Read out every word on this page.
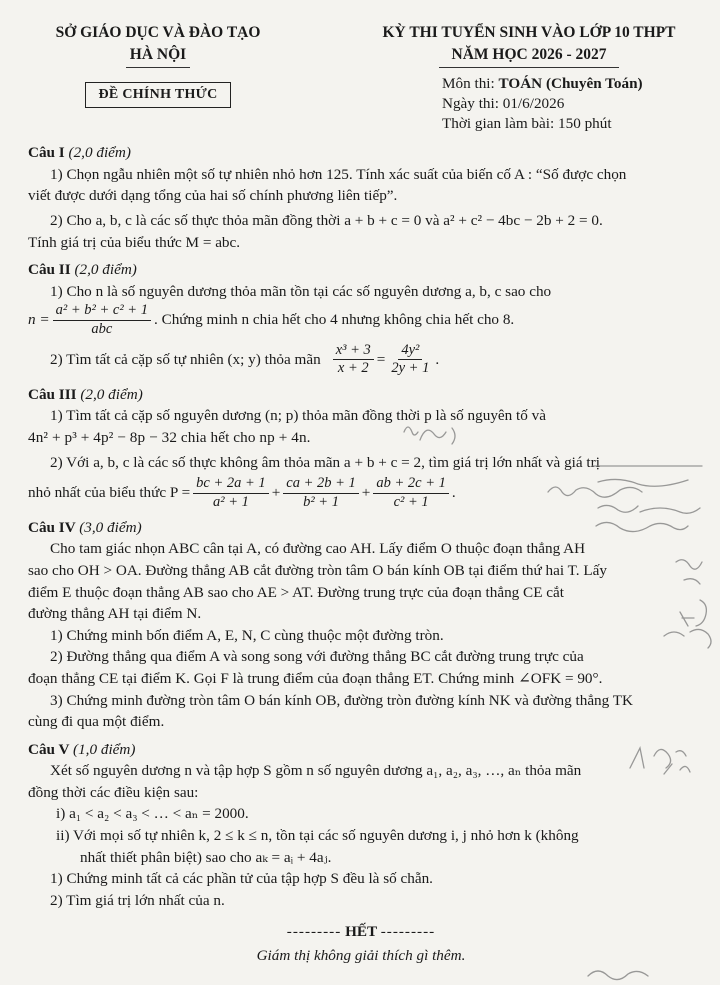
SỞ GIÁO DỤC VÀ ĐÀO TẠO
HÀ NỘI
ĐỀ CHÍNH THỨC
KỲ THI TUYỂN SINH VÀO LỚP 10 THPT
NĂM HỌC 2026 - 2027
Môn thi: TOÁN (Chuyên Toán)
Ngày thi: 01/6/2026
Thời gian làm bài: 150 phút
Câu I (2,0 điểm)

1) Chọn ngẫu nhiên một số tự nhiên nhỏ hơn 125. Tính xác suất của biến cố A : “Số được chọn

viết được dưới dạng tổng của hai số chính phương liên tiếp”.

2) Cho a, b, c là các số thực thỏa mãn đồng thời a + b + c = 0 và a² + c² − 4bc − 2b + 2 = 0.

Tính giá trị của biểu thức M = abc.

Câu II (2,0 điểm)

1) Cho n là số nguyên dương thỏa mãn tồn tại các số nguyên dương a, b, c sao cho

$n = \frac{\text{a² + b² + c² + 1}}{\text{abc}}$ . Chứng minh n chia hết cho 4 nhưng không chia hết cho 8.
2) Tìm tất cả cặp số tự nhiên (x; y) thỏa mãn $\frac{\text{x³ + 3}}{x + 2} = \frac{\text{4y²}}{2y + 1}$ .
Câu III (2,0 điểm)

1) Tìm tất cả cặp số nguyên dương (n; p) thỏa mãn đồng thời p là số nguyên tố và

4n² + p³ + 4p² − 8p − 32 chia hết cho np + 4n.

2) Với a, b, c là các số thực không âm thỏa mãn a + b + c = 2, tìm giá trị lớn nhất và giá trị

nhỏ nhất của biểu thức $P = \frac{bc + 2a + 1}{\text{a² + 1}} + \frac{ca + 2b + 1}{\text{b² + 1}} + \frac{ab + 2c + 1}{\text{c² + 1}}$ .
Câu IV (3,0 điểm)

Cho tam giác nhọn ABC cân tại A, có đường cao AH. Lấy điểm O thuộc đoạn thẳng AH

sao cho OH > OA. Đường thẳng AB cắt đường tròn tâm O bán kính OB tại điểm thứ hai T. Lấy

điểm E thuộc đoạn thẳng AB sao cho AE > AT. Đường trung trực của đoạn thẳng CE cắt

đường thẳng AH tại điểm N.

1) Chứng minh bốn điểm A, E, N, C cùng thuộc một đường tròn.

2) Đường thẳng qua điểm A và song song với đường thẳng BC cắt đường trung trực của

đoạn thẳng CE tại điểm K. Gọi F là trung điểm của đoạn thẳng ET. Chứng minh ∠OFK = 90°.

3) Chứng minh đường tròn tâm O bán kính OB, đường tròn đường kính NK và đường thẳng TK

cùng đi qua một điểm.

Câu V (1,0 điểm)

Xét số nguyên dương n và tập hợp S gồm n số nguyên dương a₁, a₂, a₃, …, aₙ thỏa mãn

đồng thời các điều kiện sau:

i) a₁ < a₂ < a₃ < … < aₙ = 2000.

ii) Với mọi số tự nhiên k, 2 ≤ k ≤ n, tồn tại các số nguyên dương i, j nhỏ hơn k (không

nhất thiết phân biệt) sao cho aₖ = aᵢ + 4aⱼ.

1) Chứng minh tất cả các phần tử của tập hợp S đều là số chẵn.

2) Tìm giá trị lớn nhất của n.

--------- HẾT ---------
Giám thị không giải thích gì thêm.
